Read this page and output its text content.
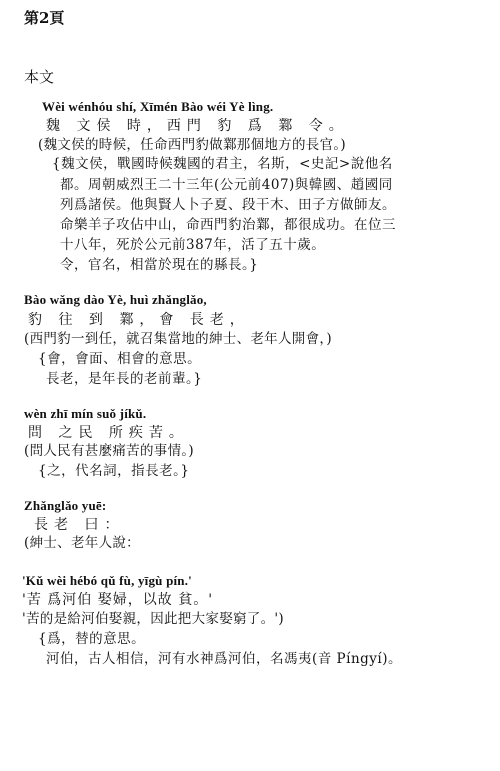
第2頁
本文
Wèi wénhóu shí, Xīmén Bào wéi Yè lìng.
魏 文侯 時，西門 豹 爲 鄴 令。
(魏文侯的時候，任命西門豹做鄴那個地方的長官。)
{魏文侯，戰國時候魏國的君主，名斯，<史記>說他名
都。周朝威烈王二十三年(公元前407)與韓國、趙國同
列爲諸侯。他與賢人卜子夏、段干木、田子方做師友。
命樂羊子攻佔中山，命西門豹治鄴，都很成功。在位三
十八年，死於公元前387年，活了五十歲。
令，官名，相當於現在的縣長。}
Bào wǎng dào Yè, huì zhǎnglǎo,
豹 往 到 鄴，會 長老，
(西門豹一到任，就召集當地的紳士、老年人開會，)
{會，會面、相會的意思。
長老，是年長的老前輩。}
wèn zhī mín suǒ jíkǔ.
問 之民 所疾苦。
(問人民有甚麼痛苦的事情。)
{之，代名詞，指長老。}
Zhǎnglǎo yuē:
長老 曰：
(紳士、老年人說：
'Kǔ wèi hébó qǔ fù, yīgù pín.'
'苦 爲河伯 娶婦，以故 貧。'
'苦的是給河伯娶親，因此把大家娶窮了。')
{爲，替的意思。
河伯，古人相信，河有水神爲河伯，名馮夷(音 Píngyí)。
